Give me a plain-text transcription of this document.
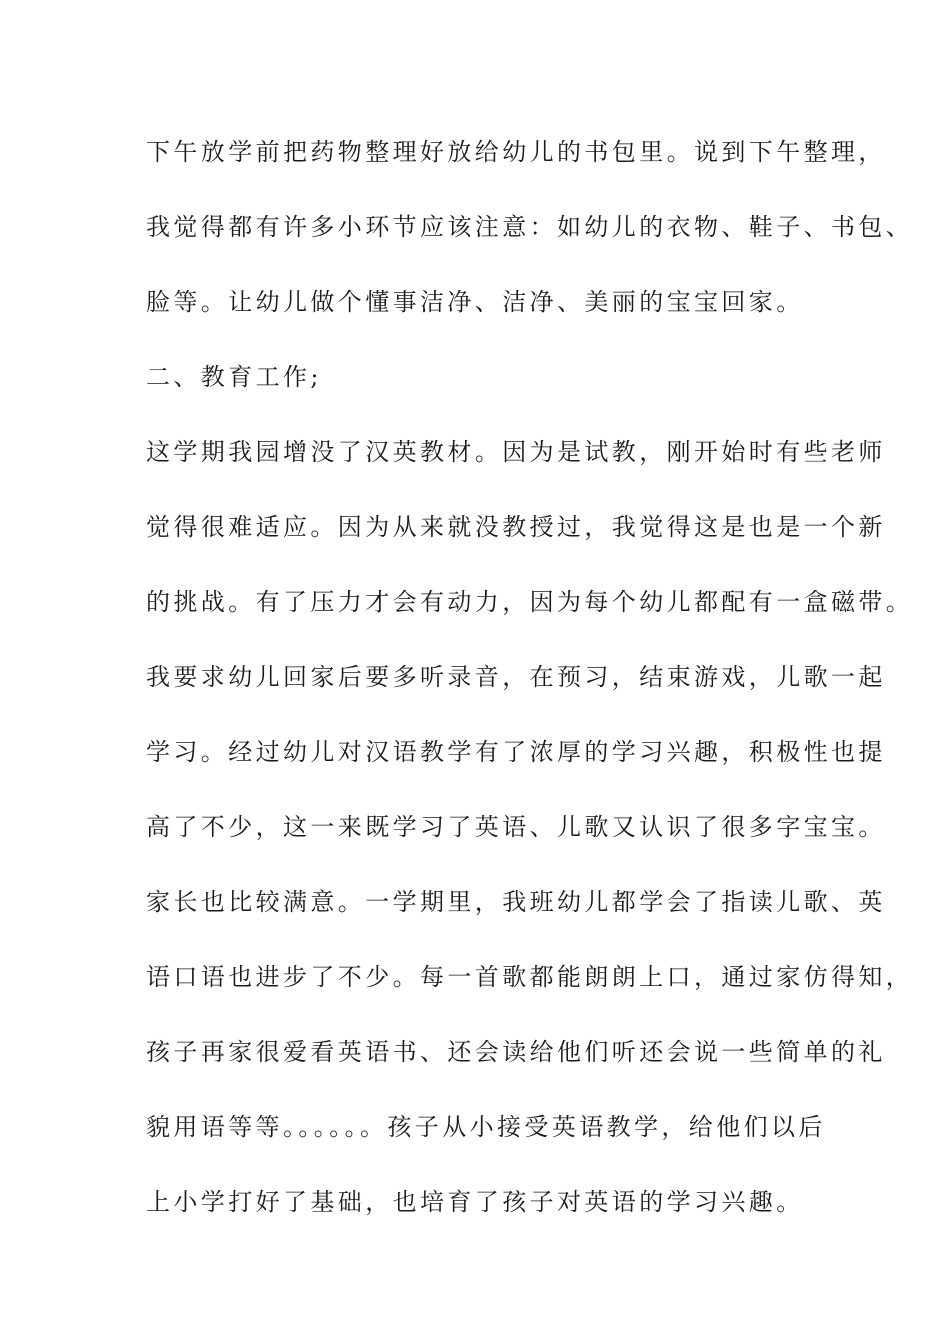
下午放学前把药物整理好放给幼儿的书包里。说到下午整理，

我觉得都有许多小环节应该注意：如幼儿的衣物、鞋子、书包、

脸等。让幼儿做个懂事洁净、洁净、美丽的宝宝回家。

二、教育工作;

这学期我园增没了汉英教材。因为是试教，刚开始时有些老师

觉得很难适应。因为从来就没教授过，我觉得这是也是一个新

的挑战。有了压力才会有动力，因为每个幼儿都配有一盒磁带。

我要求幼儿回家后要多听录音，在预习，结束游戏，儿歌一起

学习。经过幼儿对汉语教学有了浓厚的学习兴趣，积极性也提

高了不少，这一来既学习了英语、儿歌又认识了很多字宝宝。

家长也比较满意。一学期里，我班幼儿都学会了指读儿歌、英

语口语也进步了不少。每一首歌都能朗朗上口，通过家仿得知，

孩子再家很爱看英语书、还会读给他们听还会说一些简单的礼

貌用语等等。。。。。。孩子从小接受英语教学，给他们以后

上小学打好了基础，也培育了孩子对英语的学习兴趣。
